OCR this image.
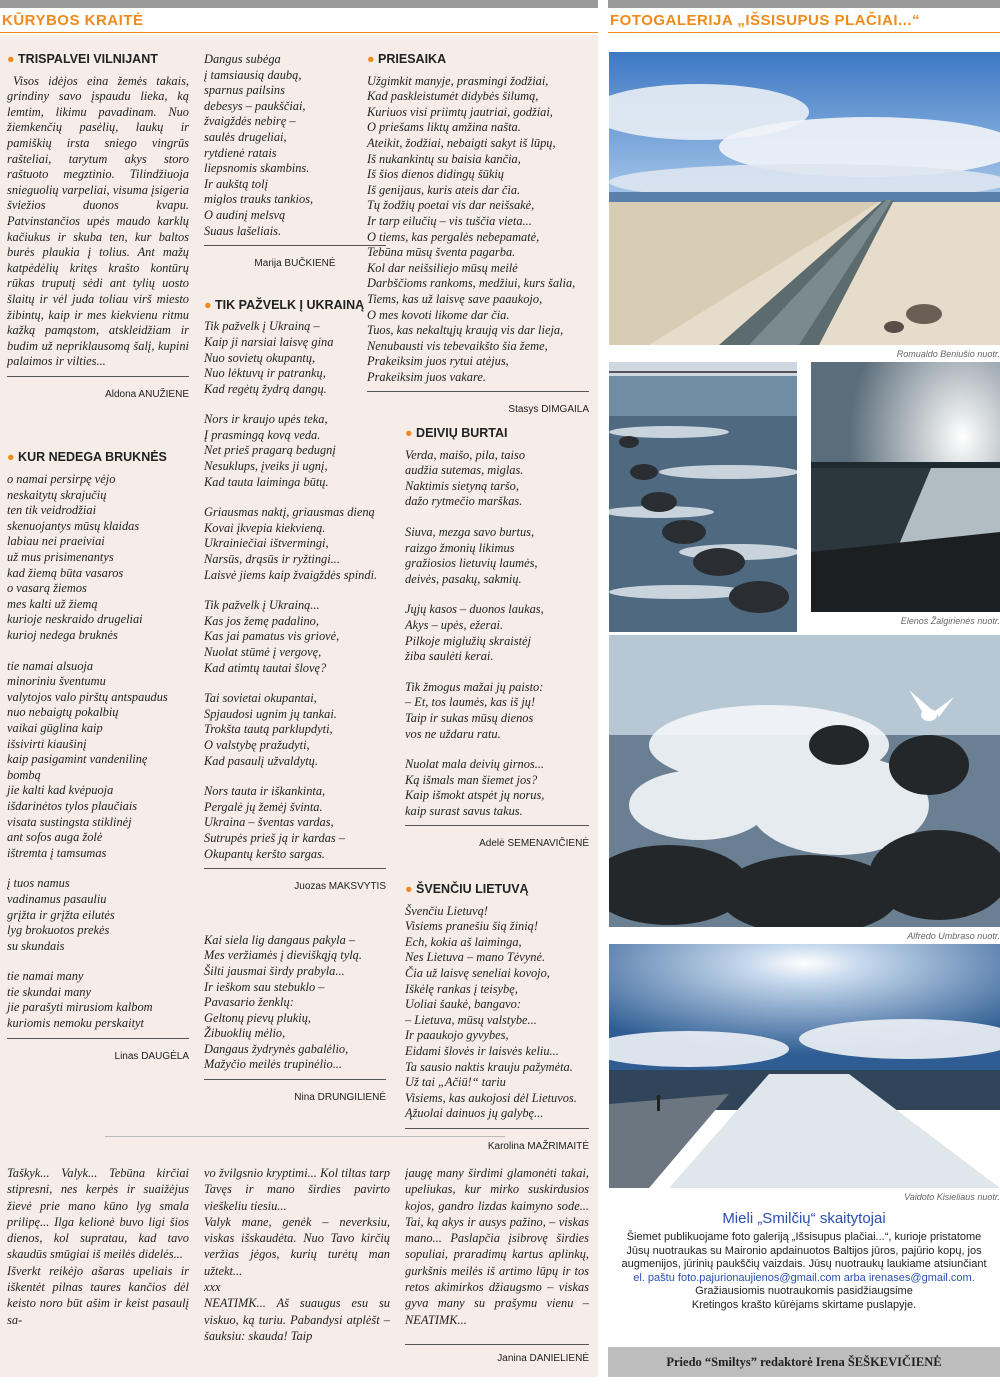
KŪRYBOS KRAITĖ	FOTOGALERIJA „IŠSISUPUS PLAČIAI...“
● TRISPALVEI VILNIJANT

Visos idėjos eina žemės takais, grindiny savo įspaudu lieka, ką lemtim, likimu pavadinam. Nuo žiemkenčių pasėlių, laukų ir pamiškių irsta sniego vingrūs rašteliai, tarytum akys storo raštuoto megztinio. Tilindžiuoja snieguolių varpeliai, visuma įsigeria šviežios duonos kvapu. Patvinstančios upės maudo karklų kačiukus ir skuba ten, kur baltos burės plaukia į tolius. Ant mažų katpėdėlių kritęs krašto kontūrų rūkas truputį sėdi ant tylių uosto šlaitų ir vėl juda toliau virš miesto žibintų, kaip ir mes kiekvienu ritmu kažką pamąstom, atskleidžiam ir budim už nepriklausomą šalį, kupini palaimos ir vilties...

Aldona ANUŽIENE
● KUR NEDEGA BRUKNĖS
o namai persirpę vėjo
neskaitytų skrajučių
ten tik veidrodžiai
skenuojantys mūsų klaidas
labiau nei praeiviai
už mus prisimenantys
kad žiemą būta vasaros
o vasarą žiemos
mes kalti už žiemą
kurioje neskraido drugeliai
kurioj nedega bruknės
tie namai alsuoja
minoriniu šventumu
valytojos valo pirštų antspaudus
nuo nebaigtų pokalbių
vaikai gūglina kaip
išsivirti kiaušinį
kaip pasigamint vandenilinę
bombą
jie kalti kad kvėpuoja
išdarinėtos tylos plaučiais
visata sustingsta stiklinėj
ant sofos auga žolė
ištremta į tamsumas
į tuos namus
vadinamus pasauliu
grįžta ir grįžta eilutės
lyg brokuotos prekės
su skundais
tie namai many
tie skundai many
jie parašyti mirusiom kalbom
kuriomis nemoku perskaityt
Linas DAUGĖLA
Dangus subėga
į tamsiausią daubą,
sparnus pailsins
debesys – paukščiai,
žvaigždės nebirę –
saulės drugeliai,
rytdienė ratais
liepsnomis skambins.
Ir aukštą tolį
miglos trauks tankios,
O audinį melsvą
Suaus lašeliais.
Marija BUČKIENĖ
● TIK PAŽVELK Į UKRAINĄ
Tik pažvelk į Ukrainą –
Kaip ji narsiai laisvę gina
Nuo sovietų okupantų,
Nuo lėktuvų ir patrankų,
Kad regėtų žydrą dangų.
Nors ir kraujo upės teka,
Į prasmingą kovą veda.
Net prieš pragarą bedugnį
Nesuklups, įveiks ji ugnį,
Kad tauta laiminga būtų.
Griausmas naktį, griausmas dieną
Kovai įkvepia kiekvieną.
Ukrainiečiai ištvermingi,
Narsūs, drąsūs ir ryžtingi...
Laisvė jiems kaip žvaigždės spindi.
Tik pažvelk į Ukrainą...
Kas jos žemę padalino,
Kas jai pamatus vis griovė,
Nuolat stūmė į vergovę,
Kad atimtų tautai šlovę?
Tai sovietai okupantai,
Spjaudosi ugnim jų tankai.
Trokšta tautą parklupdyti,
O valstybę pražudyti,
Kad pasaulį užvaldytų.
Nors tauta ir iškankinta,
Pergalė jų žemėj švinta.
Ukraina – šventas vardas,
Sutrupės prieš ją ir kardas –
Okupantų keršto sargas.
Juozas MAKSVYTIS
Kai siela lig dangaus pakyla –
Mes veržiamės į dieviškąją tylą.
Šilti jausmai širdy prabyla...
Ir ieškom sau stebuklo –
Pavasario ženklų:
Geltonų pievų plukių,
Žibuoklių mėlio,
Dangaus žydrynės gabalėlio,
Mažyčio meilės trupinėlio...
Nina DRUNGILIENĖ
● PRIESAIKA
Užgimkit manyje, prasmingi žodžiai,
Kad paskleistumėt didybės šilumą,
Kuriuos visi priimtų jautriai, godžiai,
O priešams liktų amžina našta.
Ateikit, žodžiai, nebaigti sakyt iš lūpų,
Iš nukankintų su baisia kančia,
Iš šios dienos didingų šūkių
Iš genijaus, kuris ateis dar čia.
Tų žodžių poetai vis dar neišsakė,
Ir tarp eilučių – vis tuščia vieta...
O tiems, kas pergalės nebepamatė,
Tebūna mūsų šventa pagarba.
Kol dar neišsiliejo mūsų meilė
Darbščioms rankoms, medžiui, kurs šalia,
Tiems, kas už laisvę save paaukojo,
O mes kovoti likome dar čia.
Tuos, kas nekaltųjų kraują vis dar lieja,
Nenubausti vis tebevaikšto šia žeme,
Prakeiksim juos rytui atėjus,
Prakeiksim juos vakare.
Stasys DIMGAILA
● DEIVIŲ BURTAI
Verda, maišo, pila, taiso
audžia sutemas, miglas.
Naktimis sietyną taršo,
dažo rytmečio marškas.
Siuva, mezga savo burtus,
raizgo žmonių likimus
gražiosios lietuvių laumės,
deivės, pasakų, sakmių.
Jųjų kasos – duonos laukas,
Akys – upės, ežerai.
Pilkoje miglužių skraistėj
žiba saulėti kerai.
Tik žmogus mažai jų paisto:
– Et, tos laumės, kas iš jų!
Taip ir sukas mūsų dienos
vos ne uždaru ratu.
Nuolat mala deivių girnos...
Ką išmals man šiemet jos?
Kaip išmokt atspėt jų norus,
kaip surast savus takus.
Adelė SEMENAVIČIENĖ
● ŠVENČIU LIETUVĄ
Švenčiu Lietuvą!
Visiems pranešiu šią žinią!
Ech, kokia aš laiminga,
Nes Lietuva – mano Tėvynė.
Čia už laisvę seneliai kovojo,
Iškėlę rankas į teisybę,
Uoliai šaukė, bangavo:
– Lietuva, mūsų valstybe...
Ir paaukojo gyvybes,
Eidami šlovės ir laisvės keliu...
Ta sausio naktis krauju pažymėta.
Už tai „Ačiū!“ tariu
Visiems, kas aukojosi dėl Lietuvos.
Ąžuolai dainuos jų galybę...
Karolina MAŽRIMAITĖ
Taškyk... Valyk... Tebūna kirčiai stipresni, nes kerpės ir suaižėjus žievė prie mano kūno lyg smala prilipę... Ilga kelionė buvo ligi šios dienos, kol supratau, kad tavo skaudūs smūgiai iš meilės didelės...
Išverkt reikėjo ašaras upeliais ir iškentėt pilnas taures kančios dėl keisto noro būt ašim ir keist pasaulį sa-
vo žvilgsnio kryptimi... Kol tiltas tarp Tavęs ir mano širdies pavirto vieškeliu tiesiu...
Valyk mane, genėk – neverksiu, viskas išskaudėta. Nuo Tavo kirčių veržias jėgos, kurių turėtų man užtekt...
xxx
NEATIMK... Aš suaugus esu su viskuo, ką turiu. Pabandysi atplėšt – šauksiu: skauda! Taip
įaugę many širdimi glamonėti takai, upeliukas, kur mirko suskirdusios kojos, gandro lizdas kaimyno sode... Tai, ką akys ir ausys pažino, – viskas mano... Paslapčia įsibrovę širdies sopuliai, praradimų kartus aplinkų, gurkšnis meilės iš artimo lūpų ir tos retos akimirkos džiaugsmo – viskas gyva many su prašymu vienu – NEATIMK...
Janina DANIELIENĖ
Romualdo Beniušio nuotr.
Elenos Žalgirienės nuotr.
Alfredo Umbraso nuotr.
Vaidoto Kisieliaus nuotr.
Mieli „Smilčių“ skaitytojai
Šiemet publikuojame foto galeriją „Išsisupus plačiai...“, kurioje pristatome Jūsų nuotraukas su Maironio apdainuotos Baltijos jūros, pajūrio kopų, jos augmenijos, jūrinių paukščių vaizdais. Jūsų nuotraukų laukiame atsiunčiant
el. paštu foto.pajurionaujienos@gmail.com arba irenases@gmail.com.
Gražiausiomis nuotraukomis pasidžiaugsime
Kretingos krašto kūrėjams skirtame puslapyje.
Priedo “Smiltys” redaktorė Irena ŠEŠKEVIČIENĖ
